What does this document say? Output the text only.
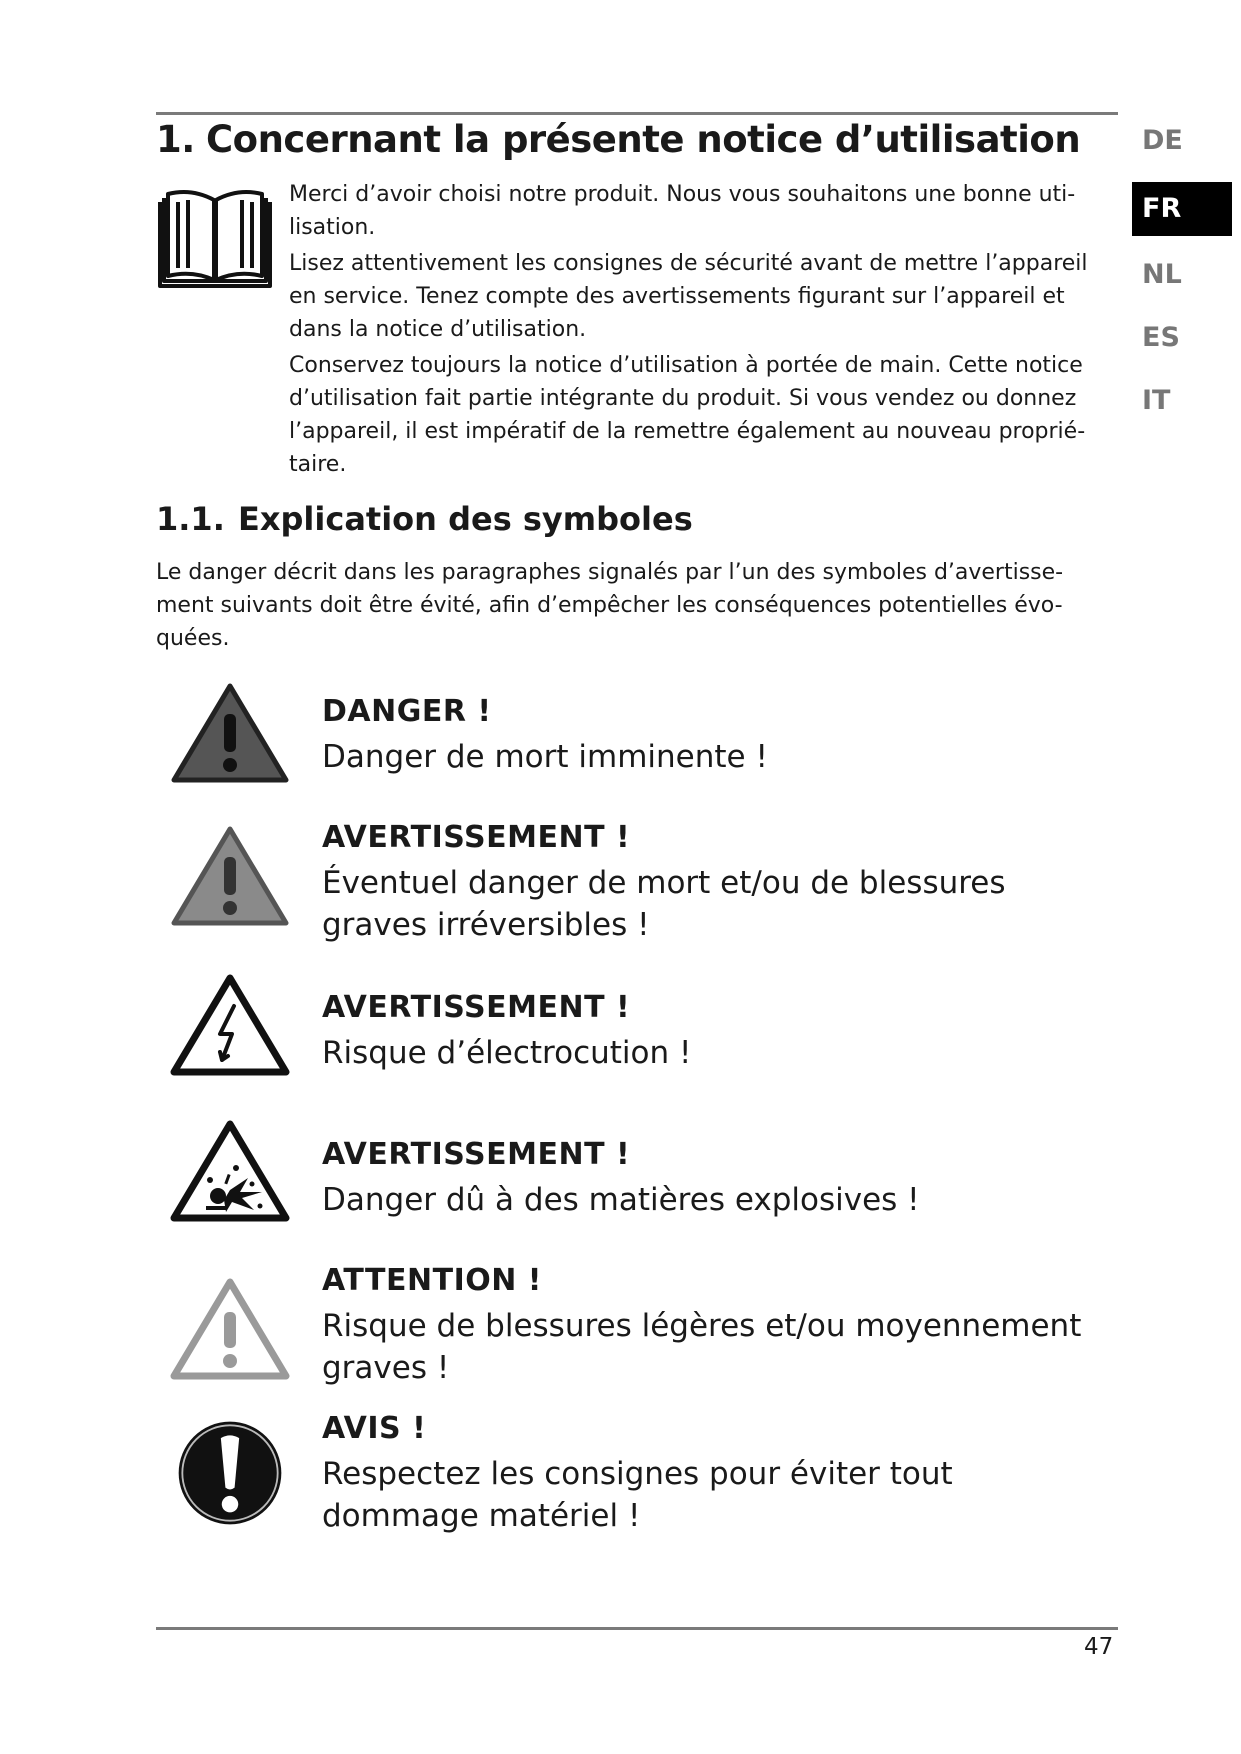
1. Concernant la présente notice d’utilisation	DE
FR
NL
ES
IT

Merci d’avoir choisi notre produit. Nous vous souhaitons une bonne uti-lisation.

Lisez attentivement les consignes de sécurité avant de mettre l’appareil en service. Tenez compte des avertissements figurant sur l’appareil et dans la notice d’utilisation.

Conservez toujours la notice d’utilisation à portée de main. Cette notice d’utilisation fait partie intégrante du produit. Si vous vendez ou donnez l’appareil, il est impératif de la remettre également au nouveau proprié-taire.

1.1. Explication des symboles
Le danger décrit dans les paragraphes signalés par l’un des symboles d’avertisse-ment suivants doit être évité, afin d’empêcher les conséquences potentielles évo-quées.
DANGER !
Danger de mort imminente !
AVERTISSEMENT !
Éventuel danger de mort et/ou de blessures graves irréversibles !
AVERTISSEMENT !
Risque d’électrocution !
AVERTISSEMENT !
Danger dû à des matières explosives !
ATTENTION !
Risque de blessures légères et/ou moyennement graves !
AVIS !
Respectez les consignes pour éviter tout dommage matériel !
47
